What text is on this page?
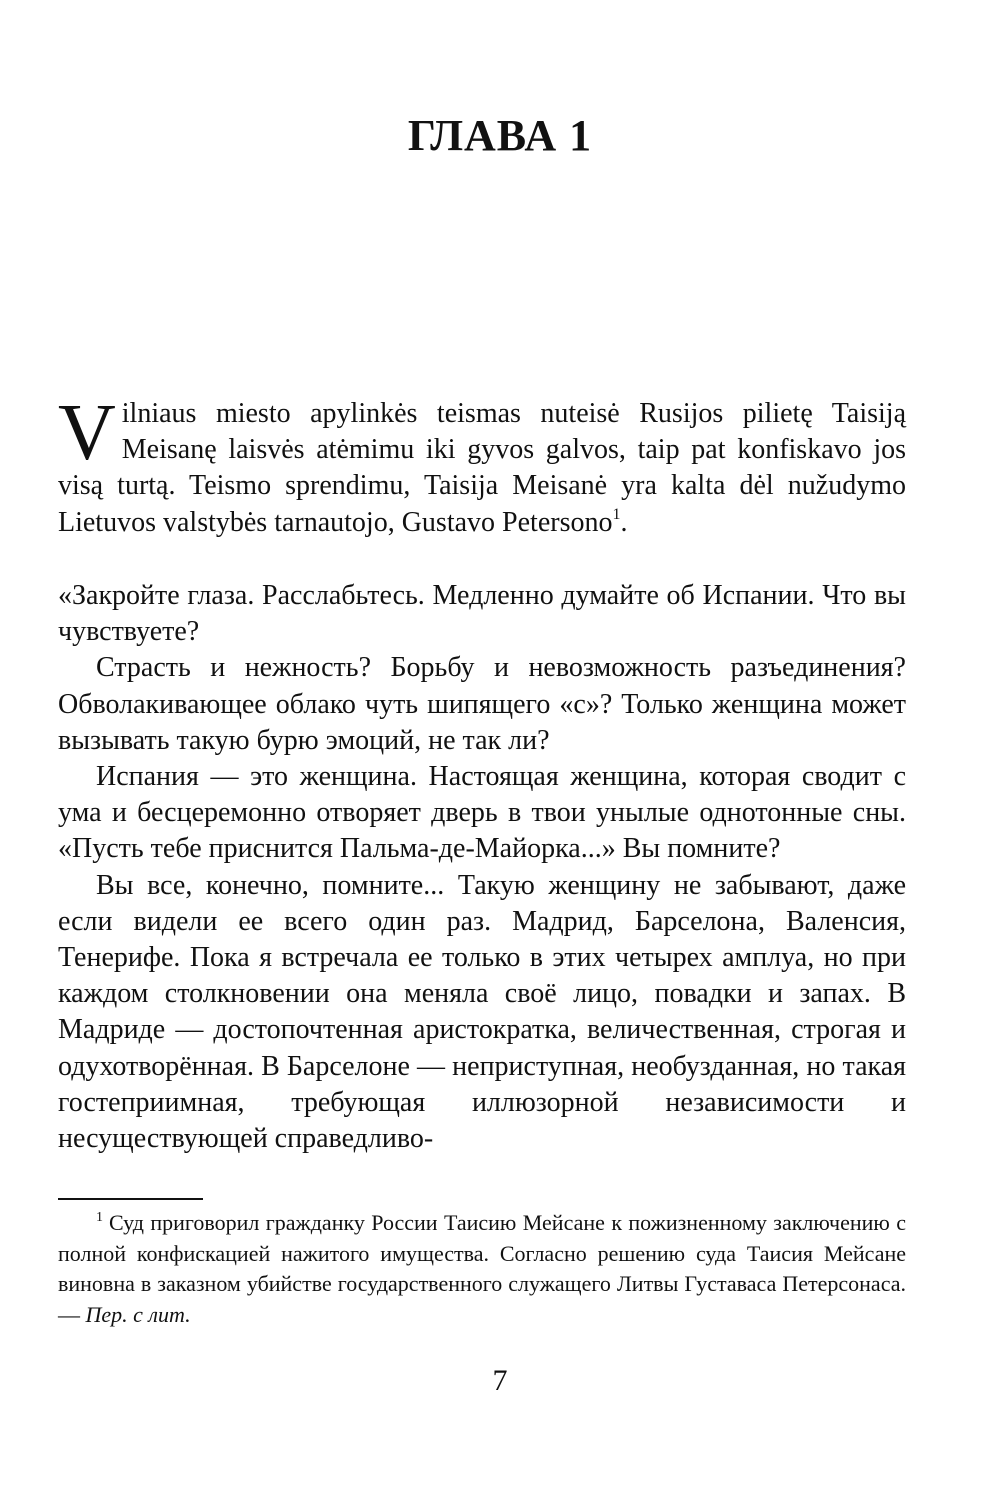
ГЛАВА 1

Vilniaus miesto apylinkės teismas nuteisė Rusijos pilietę Taisiją Meisanę laisvės atėmimu iki gyvos galvos, taip pat konfiskavo jos visą turtą. Teismo sprendimu, Taisija Meisanė yra kalta dėl nužudymo Lietuvos valstybės tarnautojo, Gustavo Petersono$^1$.

«Закройте глаза. Расслабьтесь. Медленно думайте об Испании. Что вы чувствуете?

Страсть и нежность? Борьбу и невозможность разъединения? Обволакивающее облако чуть шипящего «с»? Только женщина может вызывать такую бурю эмоций, не так ли?

Испания — это женщина. Настоящая женщина, которая сводит с ума и бесцеремонно отворяет дверь в твои унылые однотонные сны. «Пусть тебе приснится Пальма-де-Майорка...» Вы помните?

Вы все, конечно, помните... Такую женщину не забывают, даже если видели ее всего один раз. Мадрид, Барселона, Валенсия, Тенерифе. Пока я встречала ее только в этих четырех амплуа, но при каждом столкновении она меняла своё лицо, повадки и запах. В Мадриде — достопочтенная аристократка, величественная, строгая и одухотворённая. В Барселоне — неприступная, необузданная, но такая гостеприимная, требующая иллюзорной независимости и несуществующей справедливо-

$^1$ Суд приговорил гражданку России Таисию Мейсане к пожизненному заключению с полной конфискацией нажитого имущества. Согласно решению суда Таисия Мейсане виновна в заказном убийстве государственного служащего Литвы Густаваса Петерсонаса. — Пер. с лит.
7
